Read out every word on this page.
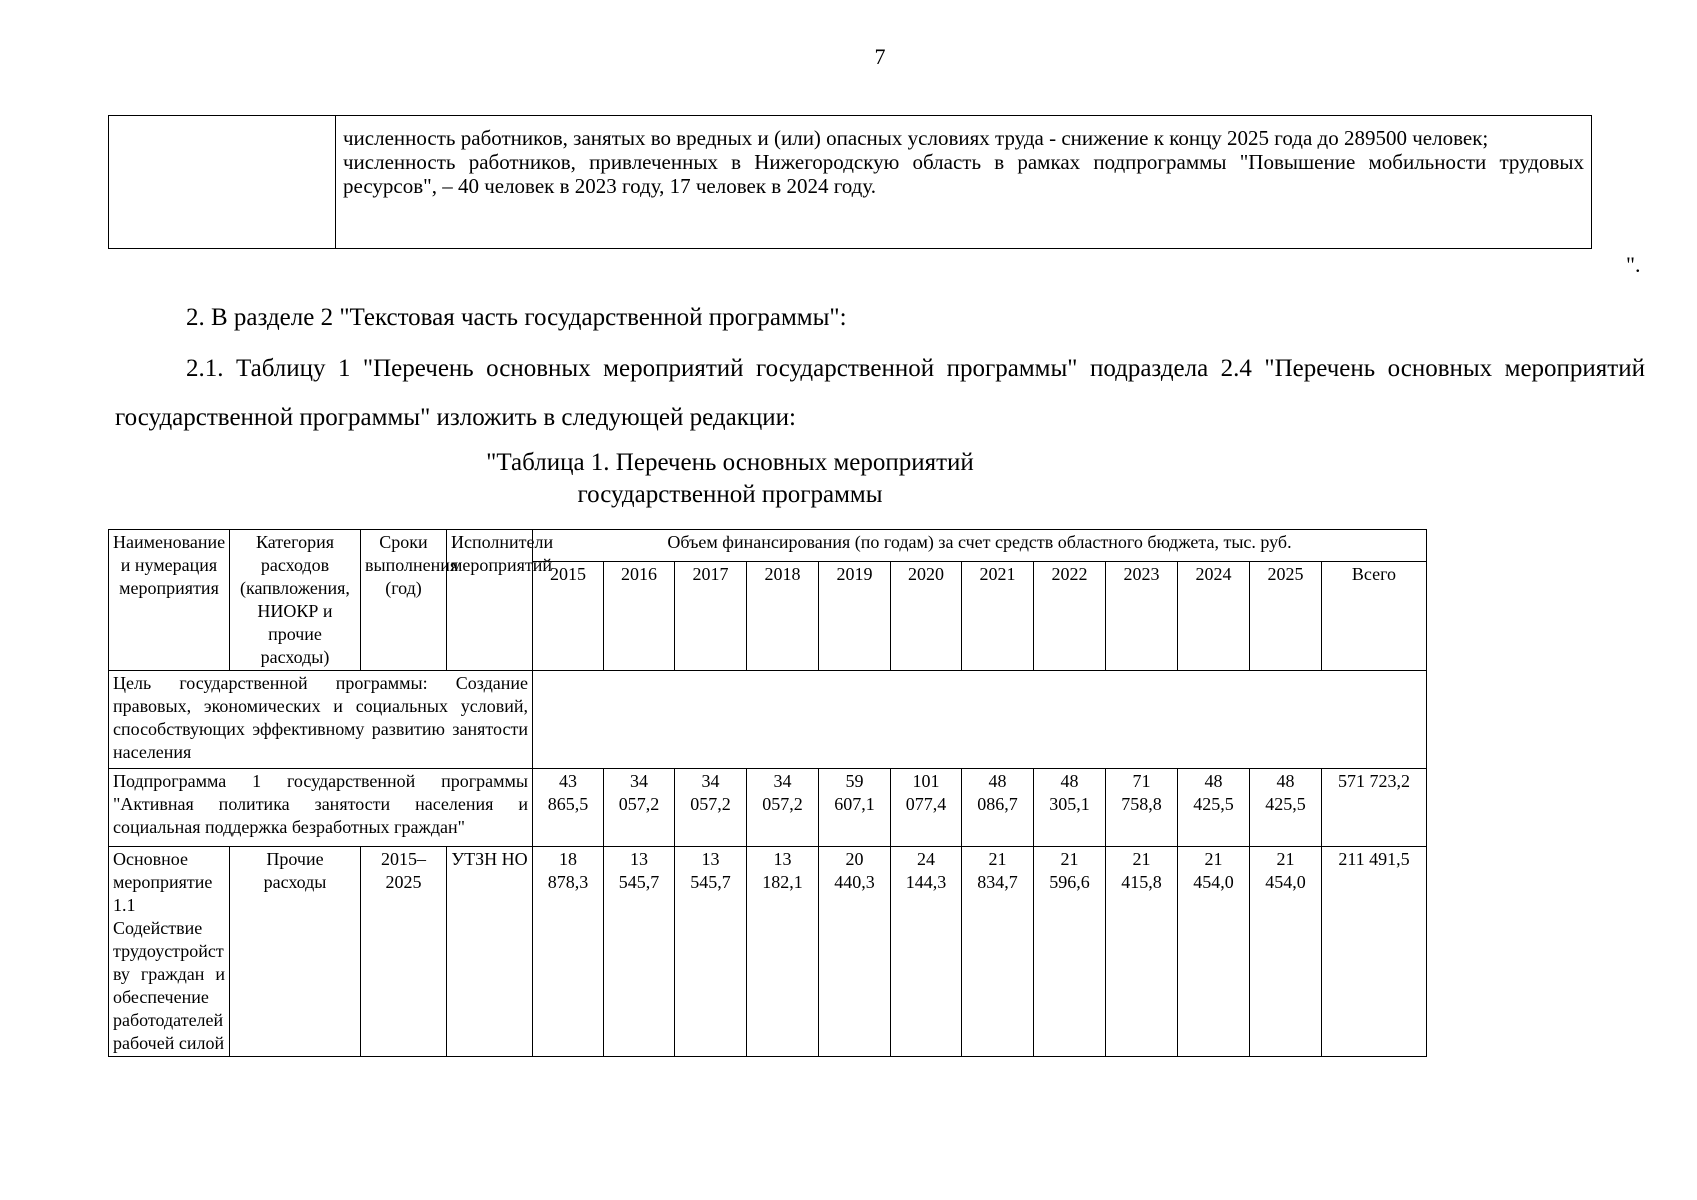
7

численность работников, занятых во вредных и (или) опасных условиях труда - снижение к концу 2025 года до 289500 человек;

численность работников, привлеченных в Нижегородскую область в рамках подпрограммы "Повышение мобильности трудовых ресурсов", – 40 человек в 2023 году, 17 человек в 2024 году.

".
2. В разделе 2 "Текстовая часть государственной программы":
2.1. Таблицу 1 "Перечень основных мероприятий государственной программы" подраздела 2.4 "Перечень основных мероприятий государственной программы" изложить в следующей редакции:
"Таблица 1. Перечень основных мероприятий
государственной программы
Наименование и нумерация мероприятия	Категория расходов (капвложения, НИОКР и прочие расходы)	Сроки выполнения (год)	Исполнители мероприятий	Объем финансирования (по годам) за счет средств областного бюджета, тыс. руб.											
				2015	2016	2017	2018	2019	2020	2021	2022	2023	2024	2025	Всего
Цель государственной программы: Создание правовых, экономических и социальных условий, способствующих эффективному развитию занятости населения															
Подпрограмма 1 государственной программы "Активная политика занятости населения и социальная поддержка безработных граждан"				43
865,5	34
057,2	34
057,2	34
057,2	59
607,1	101
077,4	48
086,7	48
305,1	71
758,8	48
425,5	48
425,5	571 723,2
Основное мероприятие 1.1 Содействие трудоустройству граждан и обеспечение работодателей рабочей силой	Прочие расходы	2015–2025	УТЗН НО	18
878,3	13
545,7	13
545,7	13
182,1	20
440,3	24
144,3	21
834,7	21
596,6	21
415,8	21
454,0	21
454,0	211 491,5
